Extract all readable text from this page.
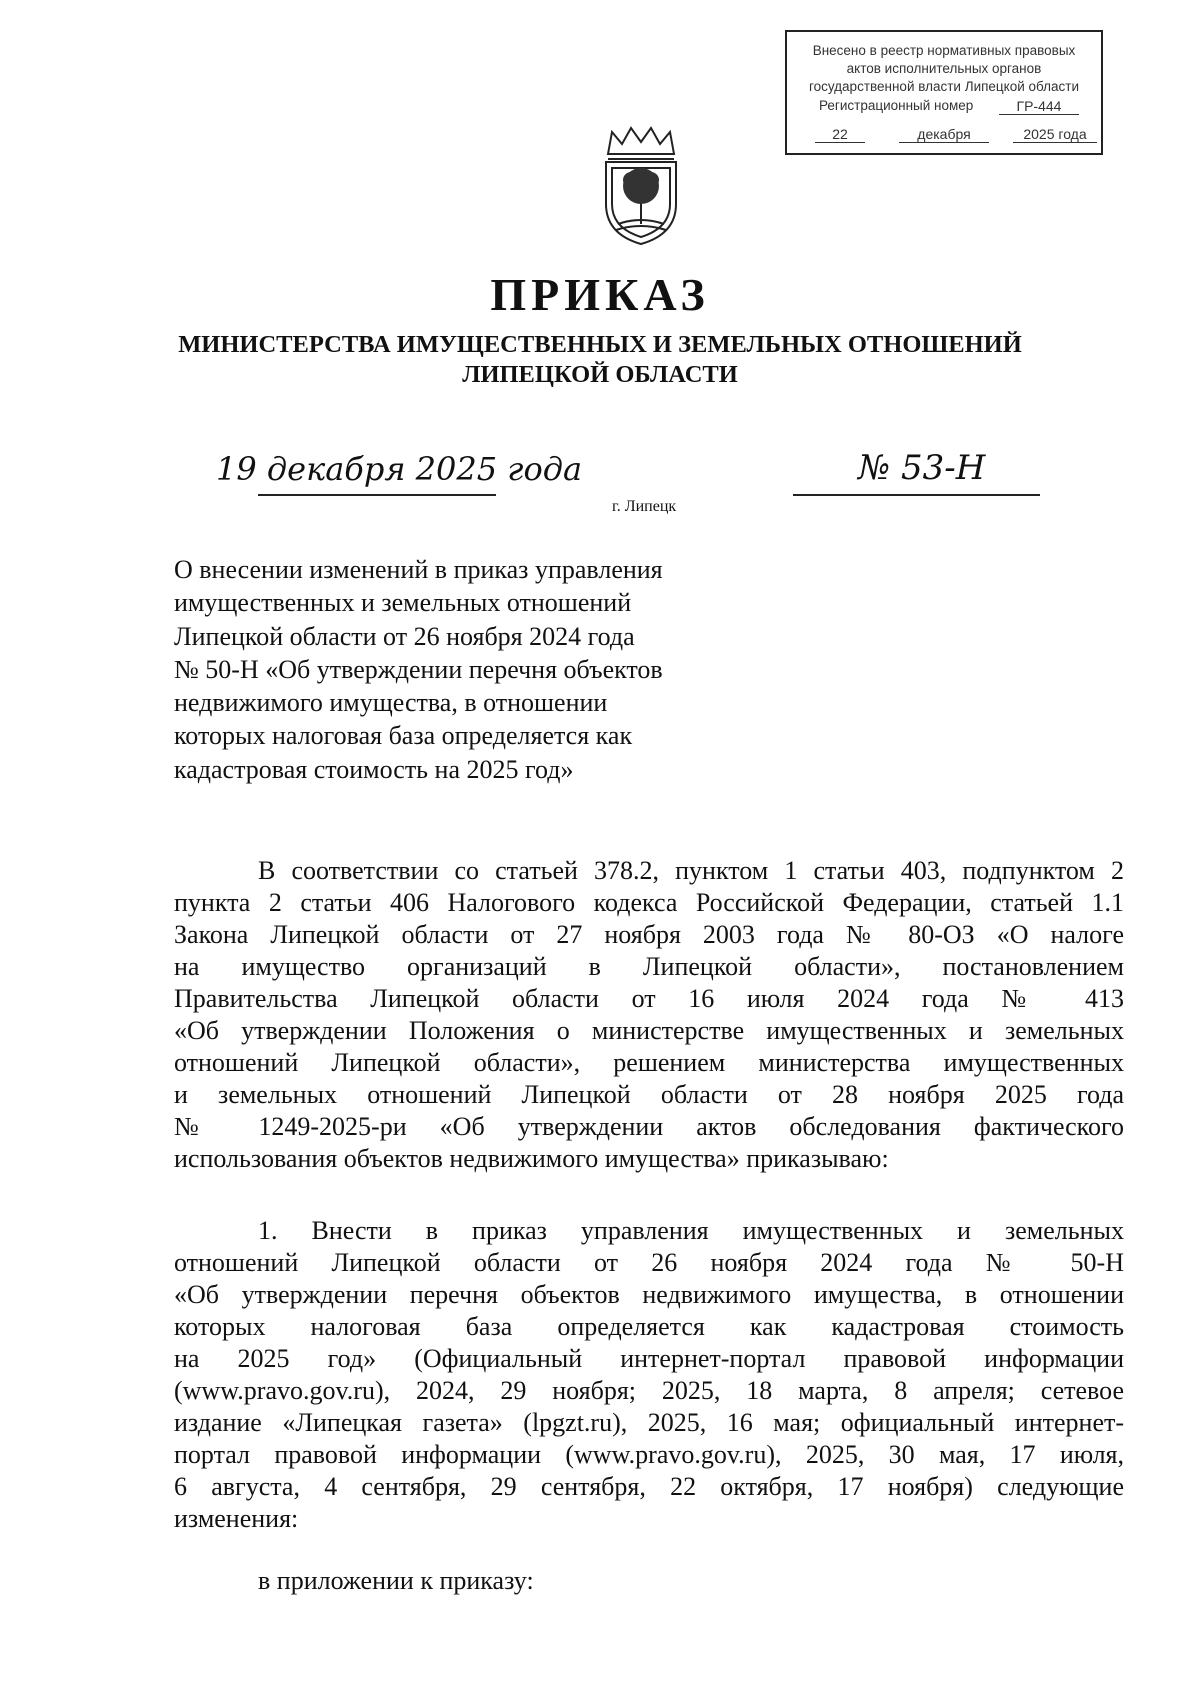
Внесено в реестр нормативных правовых
актов исполнительных органов
государственной власти Липецкой области
Регистрационный номер	ГР-444
22	декабря	2025 года
ПРИКАЗ
МИНИСТЕРСТВА ИМУЩЕСТВЕННЫХ И ЗЕМЕЛЬНЫХ ОТНОШЕНИЙ
ЛИПЕЦКОЙ ОБЛАСТИ
19 декабря 2025 года	№ 53-Н
г. Липецк
О внесении изменений в приказ управления
имущественных и земельных отношений
Липецкой области от 26 ноября 2024 года
№ 50-Н «Об утверждении перечня объектов
недвижимого имущества, в отношении
которых налоговая база определяется как
кадастровая стоимость на 2025 год»
В соответствии со статьей 378.2, пунктом 1 статьи 403, подпунктом 2
пункта 2 статьи 406 Налогового кодекса Российской Федерации, статьей 1.1
Закона Липецкой области от 27 ноября 2003 года № 80-ОЗ «О налоге
на имущество организаций в Липецкой области», постановлением
Правительства Липецкой области от 16 июля 2024 года № 413
«Об утверждении Положения о министерстве имущественных и земельных
отношений Липецкой области», решением министерства имущественных
и земельных отношений Липецкой области от 28 ноября 2025 года
№ 1249-2025-ри «Об утверждении актов обследования фактического
использования объектов недвижимого имущества» приказываю:
1. Внести в приказ управления имущественных и земельных
отношений Липецкой области от 26 ноября 2024 года № 50-Н
«Об утверждении перечня объектов недвижимого имущества, в отношении
которых налоговая база определяется как кадастровая стоимость
на 2025 год» (Официальный интернет-портал правовой информации
(www.pravo.gov.ru), 2024, 29 ноября; 2025, 18 марта, 8 апреля; сетевое
издание «Липецкая газета» (lpgzt.ru), 2025, 16 мая; официальный интернет-
портал правовой информации (www.pravo.gov.ru), 2025, 30 мая, 17 июля,
6 августа, 4 сентября, 29 сентября, 22 октября, 17 ноября) следующие
изменения:
в приложении к приказу:
